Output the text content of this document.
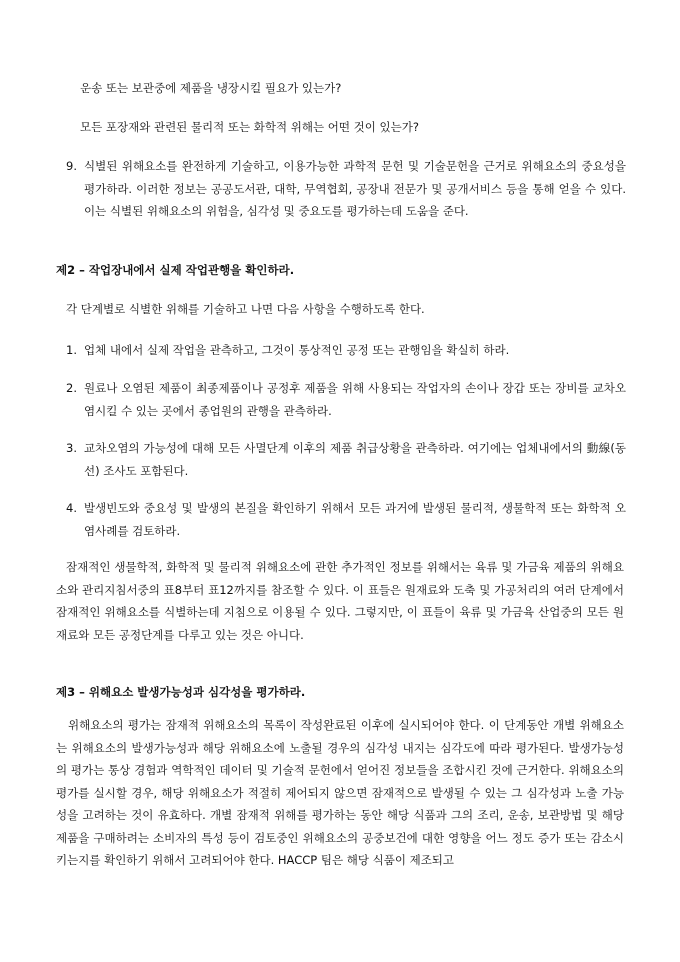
운송 또는 보관중에 제품을 냉장시킬 필요가 있는가?

모든 포장재와 관련된 물리적 또는 화학적 위해는 어떤 것이 있는가?

9. 식별된 위해요소를 완전하게 기술하고, 이용가능한 과학적 문헌 및 기술문헌을 근거로 위해요소의 중요성을 평가하라. 이러한 정보는 공공도서관, 대학, 무역협회, 공장내 전문가 및 공개서비스 등을 통해 얻을 수 있다. 이는 식별된 위해요소의 위험을, 심각성 및 중요도를 평가하는데 도움을 준다.

제2 – 작업장내에서 실제 작업관행을 확인하라.

각 단계별로 식별한 위해를 기술하고 나면 다음 사항을 수행하도록 한다.

1. 업체 내에서 실제 작업을 관측하고, 그것이 통상적인 공정 또는 관행임을 확실히 하라.
2. 원료나 오염된 제품이 최종제품이나 공정후 제품을 위해 사용되는 작업자의 손이나 장갑 또는 장비를 교차오염시킬 수 있는 곳에서 종업원의 관행을 관측하라.
3. 교차오염의 가능성에 대해 모든 사멸단계 이후의 제품 취급상황을 관측하라. 여기에는 업체내에서의 動線(동선) 조사도 포함된다.
4. 발생빈도와 중요성 및 발생의 본질을 확인하기 위해서 모든 과거에 발생된 물리적, 생물학적 또는 화학적 오염사례를 검토하라.

잠재적인 생물학적, 화학적 및 물리적 위해요소에 관한 추가적인 정보를 위해서는 육류 및 가금육 제품의 위해요소와 관리지침서중의 표8부터 표12까지를 참조할 수 있다. 이 표들은 원재료와 도축 및 가공처리의 여러 단계에서 잠재적인 위해요소를 식별하는데 지침으로 이용될 수 있다. 그렇지만, 이 표들이 육류 및 가금육 산업중의 모든 원재료와 모든 공정단계를 다루고 있는 것은 아니다.

제3 – 위해요소 발생가능성과 심각성을 평가하라.

위해요소의 평가는 잠재적 위해요소의 목록이 작성완료된 이후에 실시되어야 한다. 이 단계동안 개별 위해요소는 위해요소의 발생가능성과 해당 위해요소에 노출될 경우의 심각성 내지는 심각도에 따라 평가된다. 발생가능성의 평가는 통상 경험과 역학적인 데이터 및 기술적 문헌에서 얻어진 정보들을 조합시킨 것에 근거한다. 위해요소의 평가를 실시할 경우, 해당 위해요소가 적절히 제어되지 않으면 잠재적으로 발생될 수 있는 그 심각성과 노출 가능성을 고려하는 것이 유효하다. 개별 잠재적 위해를 평가하는 동안 해당 식품과 그의 조리, 운송, 보관방법 및 해당 제품을 구매하려는 소비자의 특성 등이 검토중인 위해요소의 공중보건에 대한 영향을 어느 정도 증가 또는 감소시키는지를 확인하기 위해서 고려되어야 한다. HACCP 팀은 해당 식품이 제조되고
